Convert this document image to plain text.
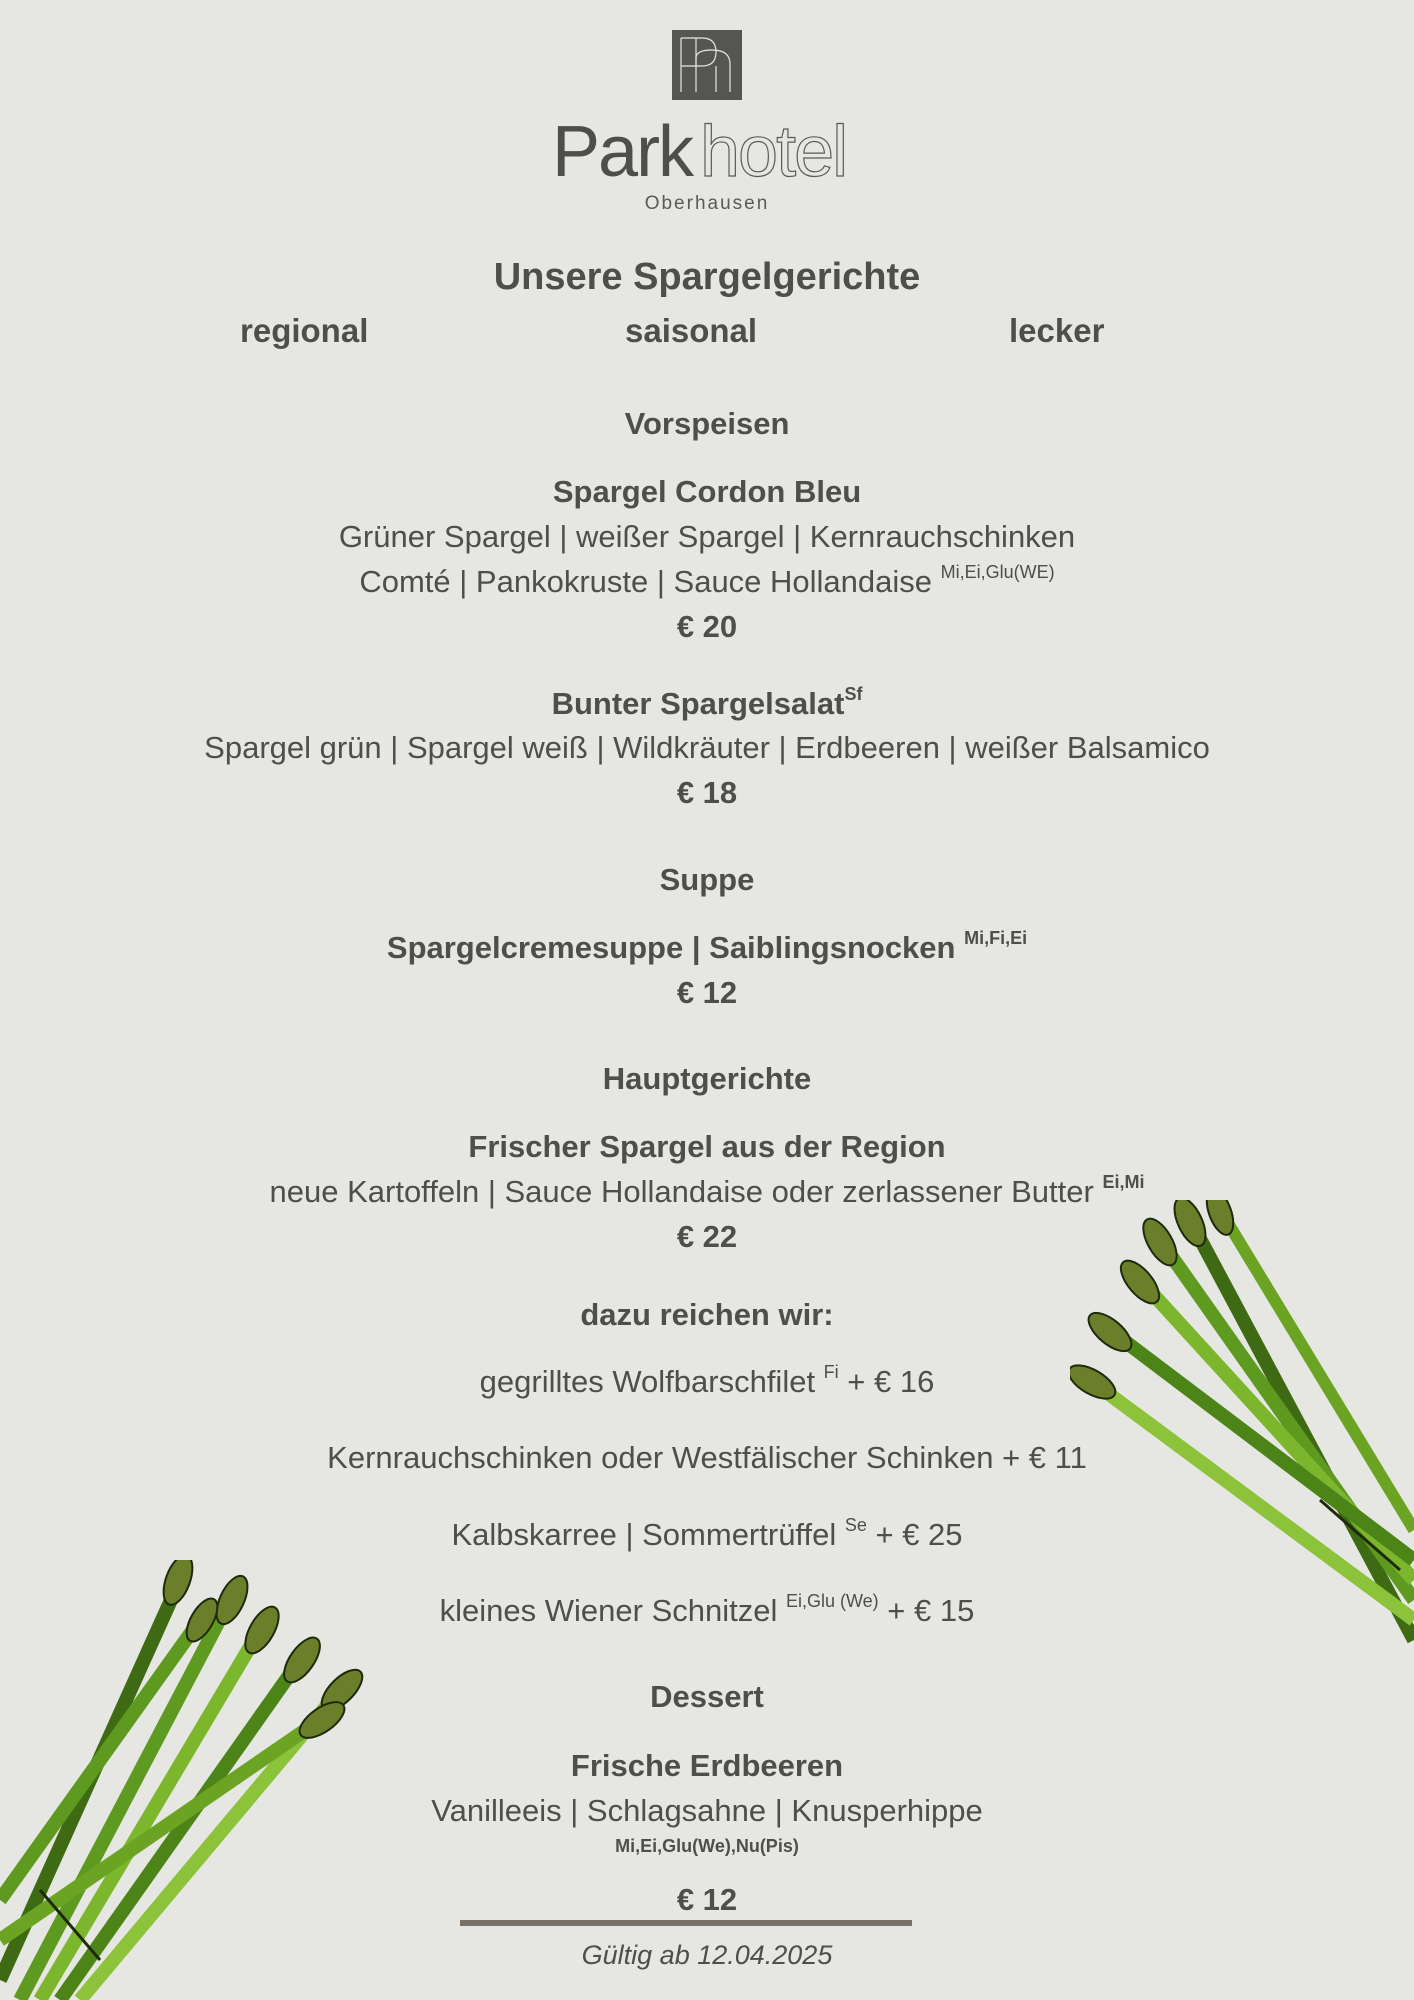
Park hotel
Oberhausen
Unsere Spargelgerichte
regional	saisonal	lecker
Vorspeisen
Spargel Cordon Bleu
Grüner Spargel | weißer Spargel | Kernrauchschinken
Comté | Pankokruste | Sauce Hollandaise $^{Mi,Ei,Glu(WE)}$
€ 20
Bunter Spargelsalat$^{Sf}$
Spargel grün | Spargel weiß | Wildkräuter | Erdbeeren | weißer Balsamico
€ 18
Suppe
Spargelcremesuppe | Saiblingsnocken $^{Mi,Fi,Ei}$
€ 12
Hauptgerichte
Frischer Spargel aus der Region
neue Kartoffeln | Sauce Hollandaise oder zerlassener Butter $^{Ei,Mi}$
€ 22
dazu reichen wir:
gegrilltes Wolfbarschfilet $^{Fi}$ + € 16
Kernrauchschinken oder Westfälischer Schinken + € 11
Kalbskarree | Sommertrüffel $^{Se}$ + € 25
kleines Wiener Schnitzel $^{Ei,Glu (We)}$ + € 15
Dessert
Frische Erdbeeren
Vanilleeis | Schlagsahne | Knusperhippe
Mi,Ei,Glu(We),Nu(Pis)
€ 12
Gültig ab 12.04.2025
